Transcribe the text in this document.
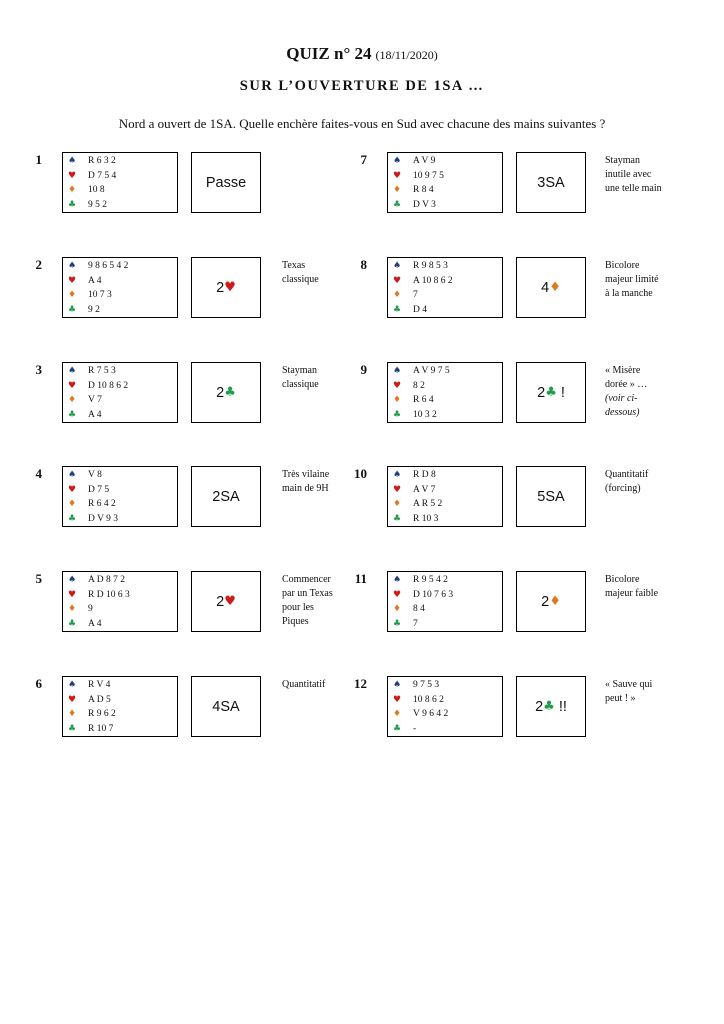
QUIZ n° 24 (18/11/2020)
SUR L’OUVERTURE DE 1SA …
Nord a ouvert de 1SA. Quelle enchère faites-vous en Sud avec chacune des mains suivantes ?
1	♠ R 6 3 2
♥ D 7 5 4
♦ 10 8
♣ 9 5 2
Passe
2	♠ 9 8 6 5 4 2
♥ A 4
♦ 10 7 3
♣ 9 2
2 ♥
Texas
classique
3	♠ R 7 5 3
♥ D 10 8 6 2
♦ V 7
♣ A 4
2 ♣
Stayman
classique
4	♠ V 8
♥ D 7 5
♦ R 6 4 2
♣ D V 9 3
2SA
Très vilaine
main de 9H
5	♠ A D 8 7 2
♥ R D 10 6 3
♦ 9
♣ A 4
2 ♥
Commencer
par un Texas
pour les
Piques
6	♠ R V 4
♥ A D 5
♦ R 9 6 2
♣ R 10 7
4SA
Quantitatif
7	♠ A V 9
♥ 10 9 7 5
♦ R 8 4
♣ D V 3
3SA
Stayman
inutile avec
une telle main
8	♠ R 9 8 5 3
♥ A 10 8 6 2
♦ 7
♣ D 4
4 ♦
Bicolore
majeur limité
à la manche
9	♠ A V 9 7 5
♥ 8 2
♦ R 6 4
♣ 10 3 2
2 ♣ !
« Misère
dorée » …
(voir ci-
dessous)
10	♠ R D 8
♥ A V 7
♦ A R 5 2
♣ R 10 3
5SA
Quantitatif
(forcing)
11	♠ R 9 5 4 2
♥ D 10 7 6 3
♦ 8 4
♣ 7
2 ♦
Bicolore
majeur faible
12	♠ 9 7 5 3
♥ 10 8 6 2
♦ V 9 6 4 2
♣ -
2 ♣ !!
« Sauve qui
peut ! »
